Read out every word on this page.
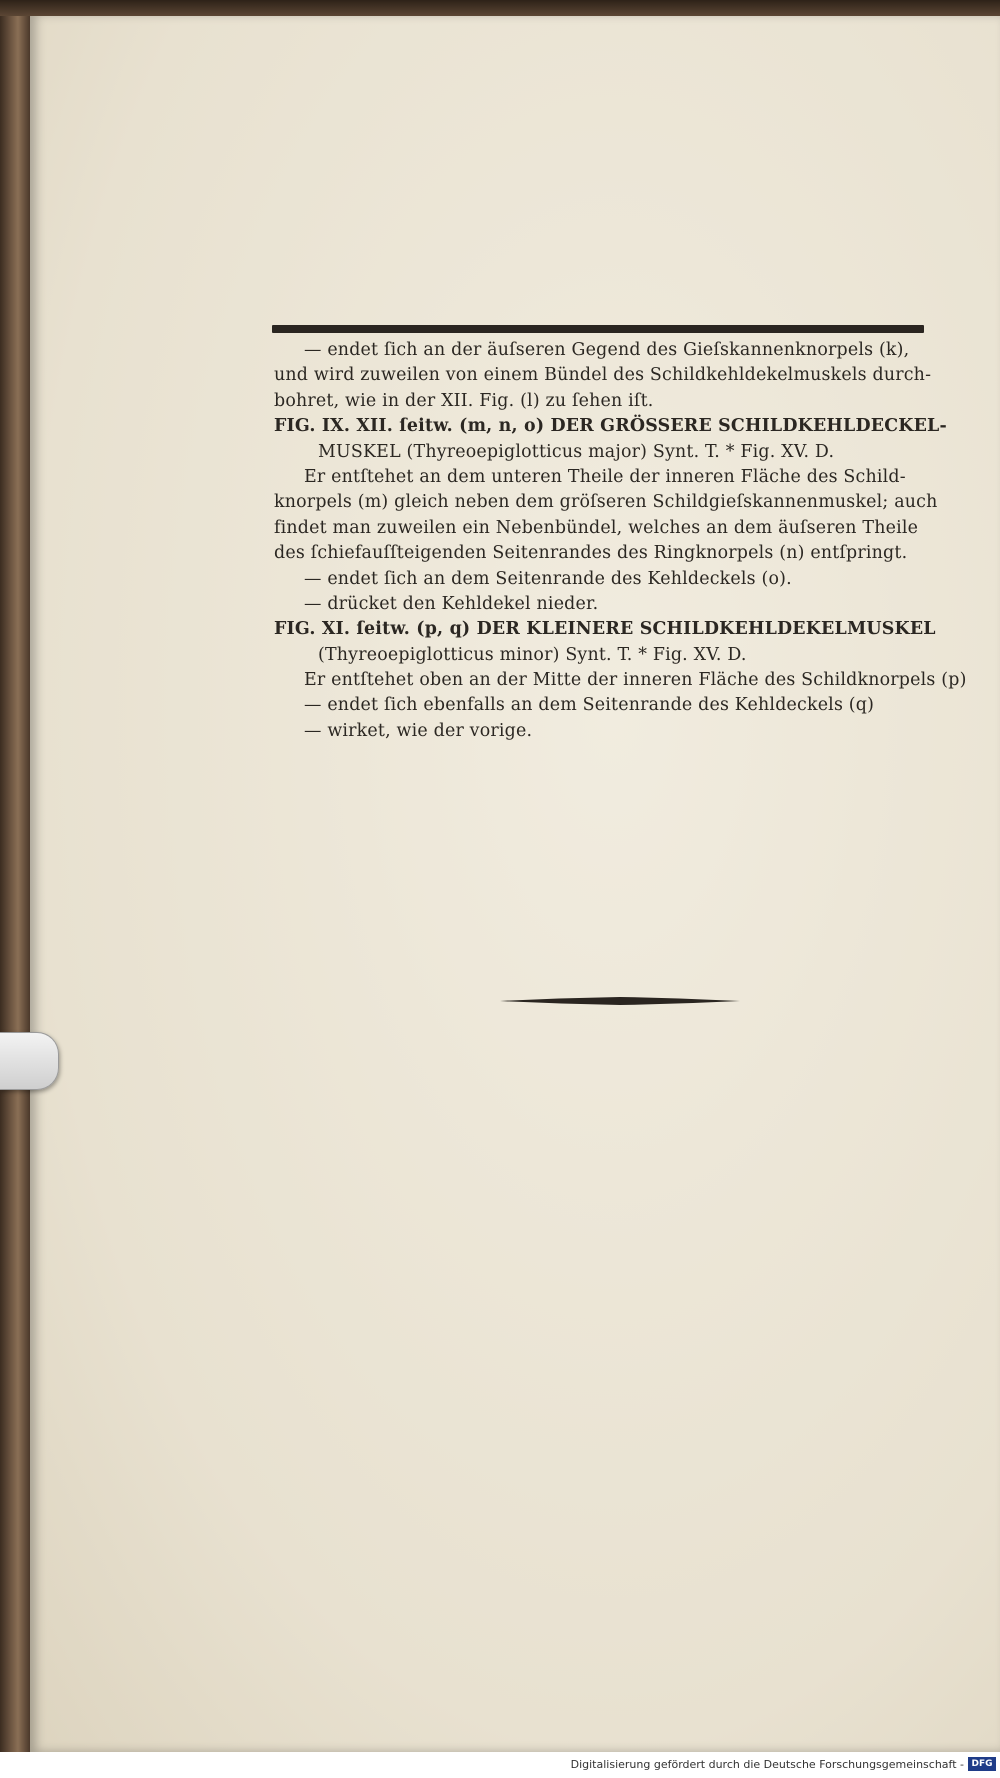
— endet ſich an der äuſseren Gegend des Gieſskannenknorpels (k),
und wird zuweilen von einem Bündel des Schildkehldekelmuskels durch-
bohret, wie in der XII. Fig. (l) zu ſehen iſt.
FIG. IX. XII. ſeitw. (m, n, o) DER GRÖSSERE SCHILDKEHLDECKEL-
MUSKEL (Thyreoepiglotticus major) Synt. T. * Fig. XV. D.
Er entſtehet an dem unteren Theile der inneren Fläche des Schild-
knorpels (m) gleich neben dem gröſseren Schildgieſskannenmuskel; auch
findet man zuweilen ein Nebenbündel, welches an dem äuſseren Theile
des ſchiefauſſteigenden Seitenrandes des Ringknorpels (n) entſpringt.
— endet ſich an dem Seitenrande des Kehldeckels (o).
— drücket den Kehldekel nieder.
FIG. XI. ſeitw. (p, q) DER KLEINERE SCHILDKEHLDEKELMUSKEL
(Thyreoepiglotticus minor) Synt. T. * Fig. XV. D.
Er entſtehet oben an der Mitte der inneren Fläche des Schildknorpels (p)
— endet ſich ebenfalls an dem Seitenrande des Kehldeckels (q)
— wirket, wie der vorige.
Digitalisierung gefördert durch die Deutsche Forschungsgemeinschaft - DFG
